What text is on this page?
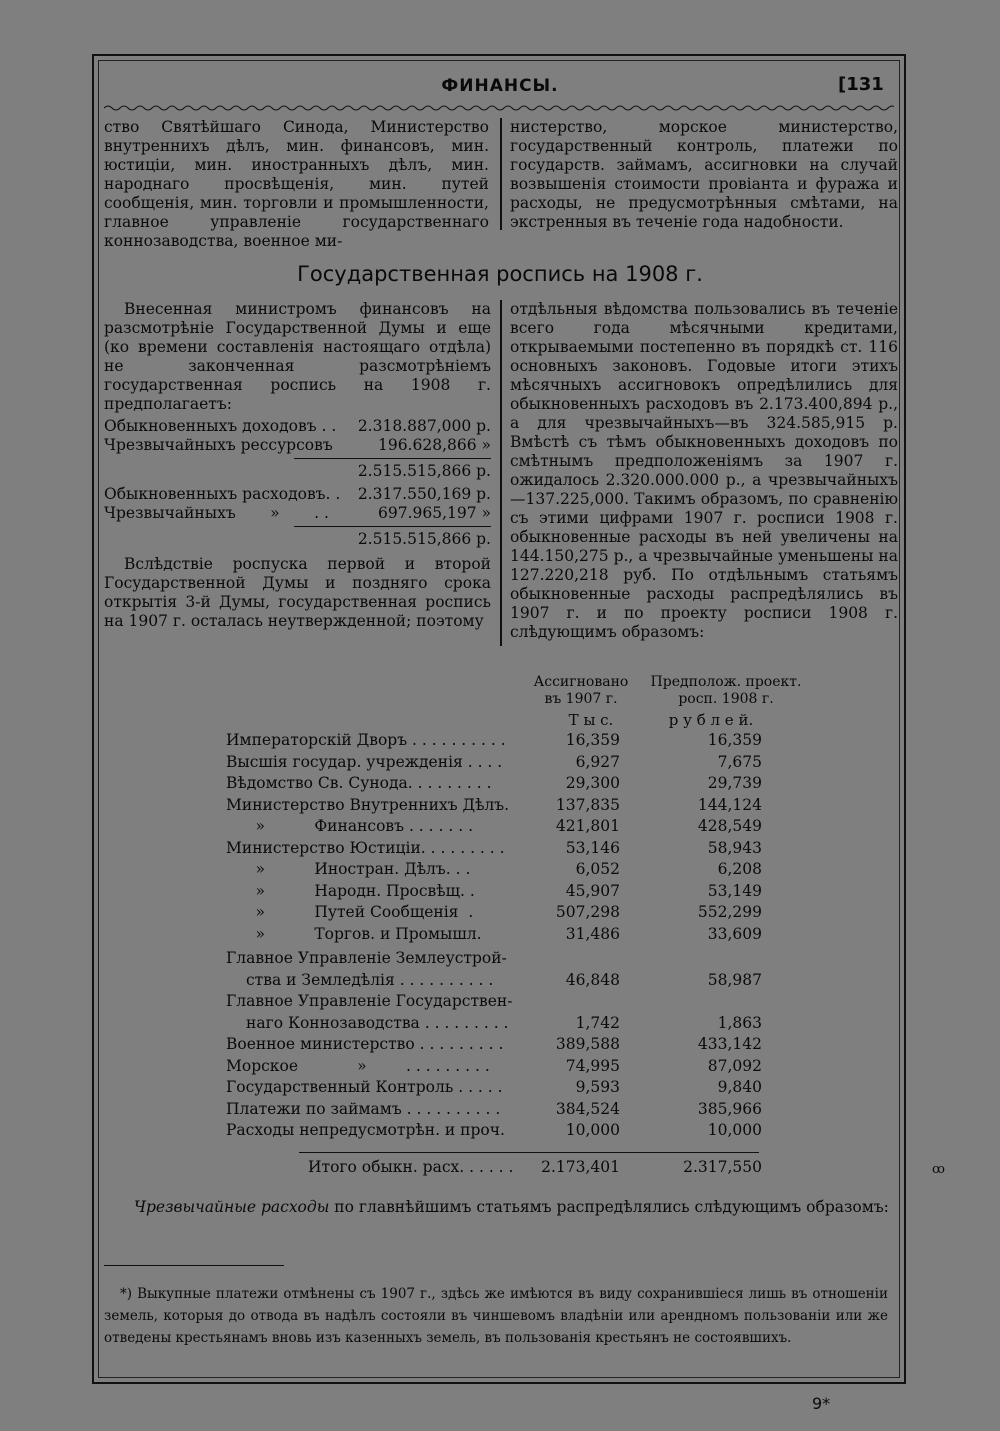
ФИНАНСЫ.	[131

ство Святѣйшаго Синода, Министерство внутреннихъ дѣлъ, мин. финансовъ, мин. юстиціи, мин. иностранныхъ дѣлъ, мин. народнаго просвѣщенія, мин. путей сообщенія, мин. торговли и промышленности, главное управленіе государственнаго коннозаводства, военное ми-

нистерство, морское министерство, государственный контроль, платежи по государств. займамъ, ассигновки на случай возвышенія стоимости провіанта и фуража и расходы, не предусмотрѣнныя смѣтами, на экстренныя въ теченіе года надобности.

Государственная роспись на 1908 г.

Внесенная министромъ финансовъ на разсмотрѣніе Государственной Думы и еще (ко времени составленія настоящаго отдѣла) не законченная разсмотрѣніемъ государственная роспись на 1908 г. предполагаетъ:

Обыкновенныхъ доходовъ . . 2.318.887,000 р.
Чрезвычайныхъ рессурсовъ	196.628,866 »
2.515.515,866 р.
Обыкновенныхъ расходовъ. . 2.317.550,169 р.
Чрезвычайныхъ       »       . .	697.965,197 »
2.515.515,866 р.

Вслѣдствіе роспуска первой и второй Государственной Думы и поздняго срока открытія 3-й Думы, государственная роспись на 1907 г. осталась неутвержденной; поэтому

отдѣльныя вѣдомства пользовались въ теченіе всего года мѣсячными кредитами, открываемыми постепенно въ порядкѣ ст. 116 основныхъ законовъ. Годовые итоги этихъ мѣсячныхъ ассигновокъ опредѣлились для обыкновенныхъ расходовъ въ 2.173.400,894 р., а для чрезвычайныхъ—въ 324.585,915 р. Вмѣстѣ съ тѣмъ обыкновенныхъ доходовъ по смѣтнымъ предположеніямъ за 1907 г. ожидалось 2.320.000.000 р., а чрезвычайныхъ—137.225,000. Такимъ образомъ, по сравненію съ этими цифрами 1907 г. росписи 1908 г. обыкновенные расходы въ ней увеличены на 144.150,275 р., а чрезвычайные уменьшены на 127.220,218 руб. По отдѣльнымъ статьямъ обыкновенные расходы распредѣлялись въ 1907 г. и по проекту росписи 1908 г. слѣдующимъ образомъ:

Ассигновано
въ 1907 г.
Предполож. проект.
росп. 1908 г.
Т ы с.	р у б л е й.
Императорскій Дворъ . . . . . . . . . .	16,359	16,359
Высшія государ. учрежденія . . . .	6,927	7,675
Вѣдомство Св. Сунода. . . . . . . . .	29,300	29,739
Министерство Внутреннихъ Дѣлъ.	137,835	144,124
»          Финансовъ . . . . . . .	421,801	428,549
Министерство Юстиціи. . . . . . . . .	53,146	58,943
»          Иностран. Дѣлъ. . .	6,052	6,208
»          Народн. Просвѣщ. .	45,907	53,149
»          Путей Сообщенія  .	507,298	552,299
»          Торгов. и Промышл.	31,486	33,609
Главное Управленіе Землеустрой-
ства и Земледѣлія . . . . . . . . . .	46,848	58,987
Главное Управленіе Государствен-
наго Коннозаводства . . . . . . . . .	1,742	1,863
Военное министерство . . . . . . . . .	389,588	433,142
Морское            »        . . . . . . . . .	74,995	87,092
Государственный Контроль . . . . .	9,593	9,840
Платежи по займамъ . . . . . . . . . .	384,524	385,966
Расходы непредусмотрѣн. и проч.	10,000	10,000
Итого обыкн. расх. . . . . . 2.173,401	2.317,550
Чрезвычайные расходы по главнѣйшимъ статьямъ распредѣлялись слѣдующимъ образомъ:
*) Выкупные платежи отмѣнены съ 1907 г., здѣсь же имѣются въ виду сохранившіеся лишь въ отношеніи земель, которыя до отвода въ надѣлъ состояли въ чиншевомъ владѣніи или арендномъ пользованіи или же отведены крестьянамъ вновь изъ казенныхъ земель, въ пользованія крестьянъ не состоявшихъ.
ꝏ
9*
